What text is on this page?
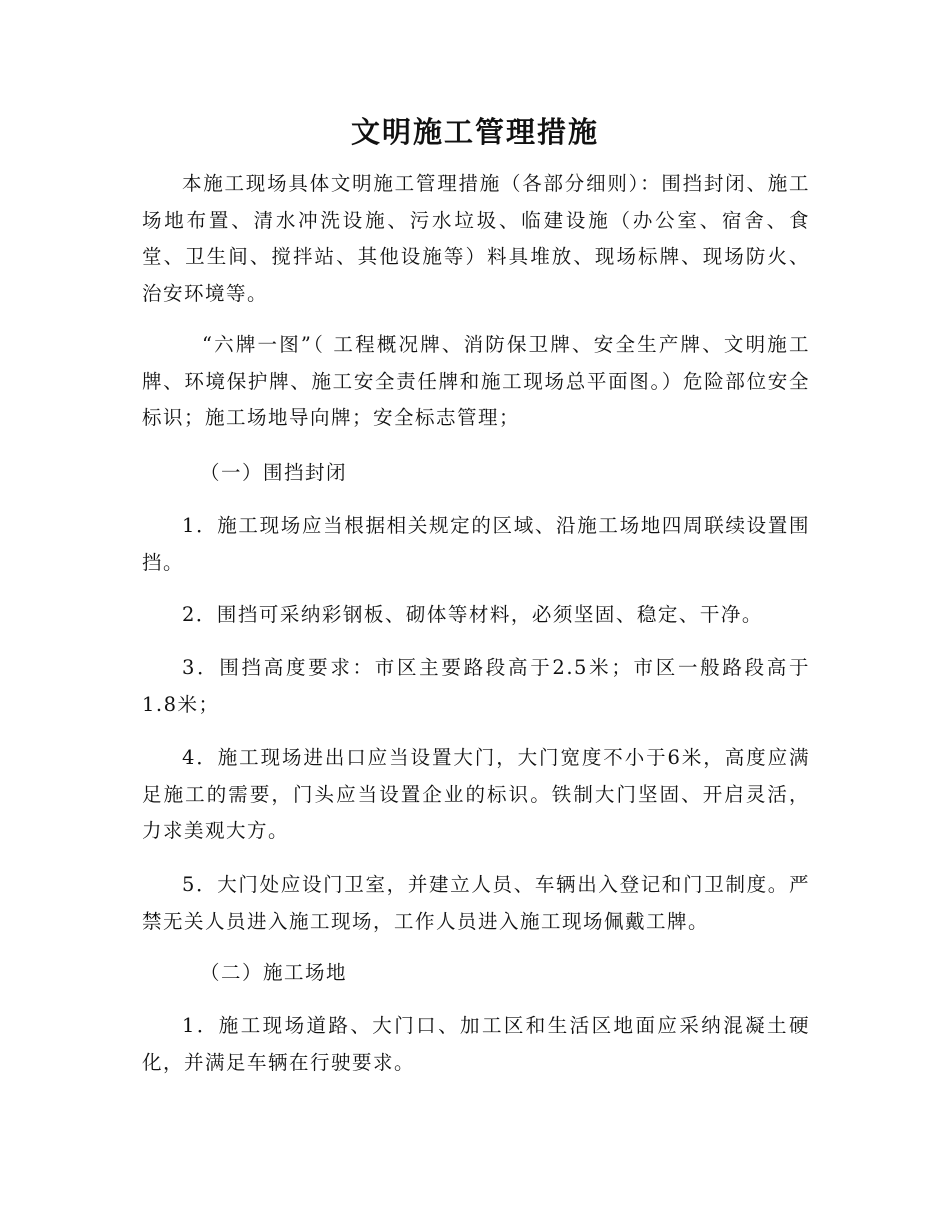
文明施工管理措施

本施工现场具体文明施工管理措施（各部分细则）：围挡封闭、施工场地布置、清水冲洗设施、污水垃圾、临建设施（办公室、宿舍、食堂、卫生间、搅拌站、其他设施等）料具堆放、现场标牌、现场防火、治安环境等。

“六牌一图”（ 工程概况牌、消防保卫牌、安全生产牌、文明施工牌、环境保护牌、施工安全责任牌和施工现场总平面图。）危险部位安全标识；施工场地导向牌；安全标志管理；

（一）围挡封闭

1．施工现场应当根据相关规定的区域、沿施工场地四周联续设置围挡。

2．围挡可采纳彩钢板、砌体等材料，必须坚固、稳定、干净。

3．围挡高度要求：市区主要路段高于2.5米；市区一般路段高于1.8米；

4．施工现场进出口应当设置大门，大门宽度不小于6米，高度应满足施工的需要，门头应当设置企业的标识。铁制大门坚固、开启灵活，力求美观大方。

5．大门处应设门卫室，并建立人员、车辆出入登记和门卫制度。严禁无关人员进入施工现场，工作人员进入施工现场佩戴工牌。

（二）施工场地

1．施工现场道路、大门口、加工区和生活区地面应采纳混凝土硬化，并满足车辆在行驶要求。
